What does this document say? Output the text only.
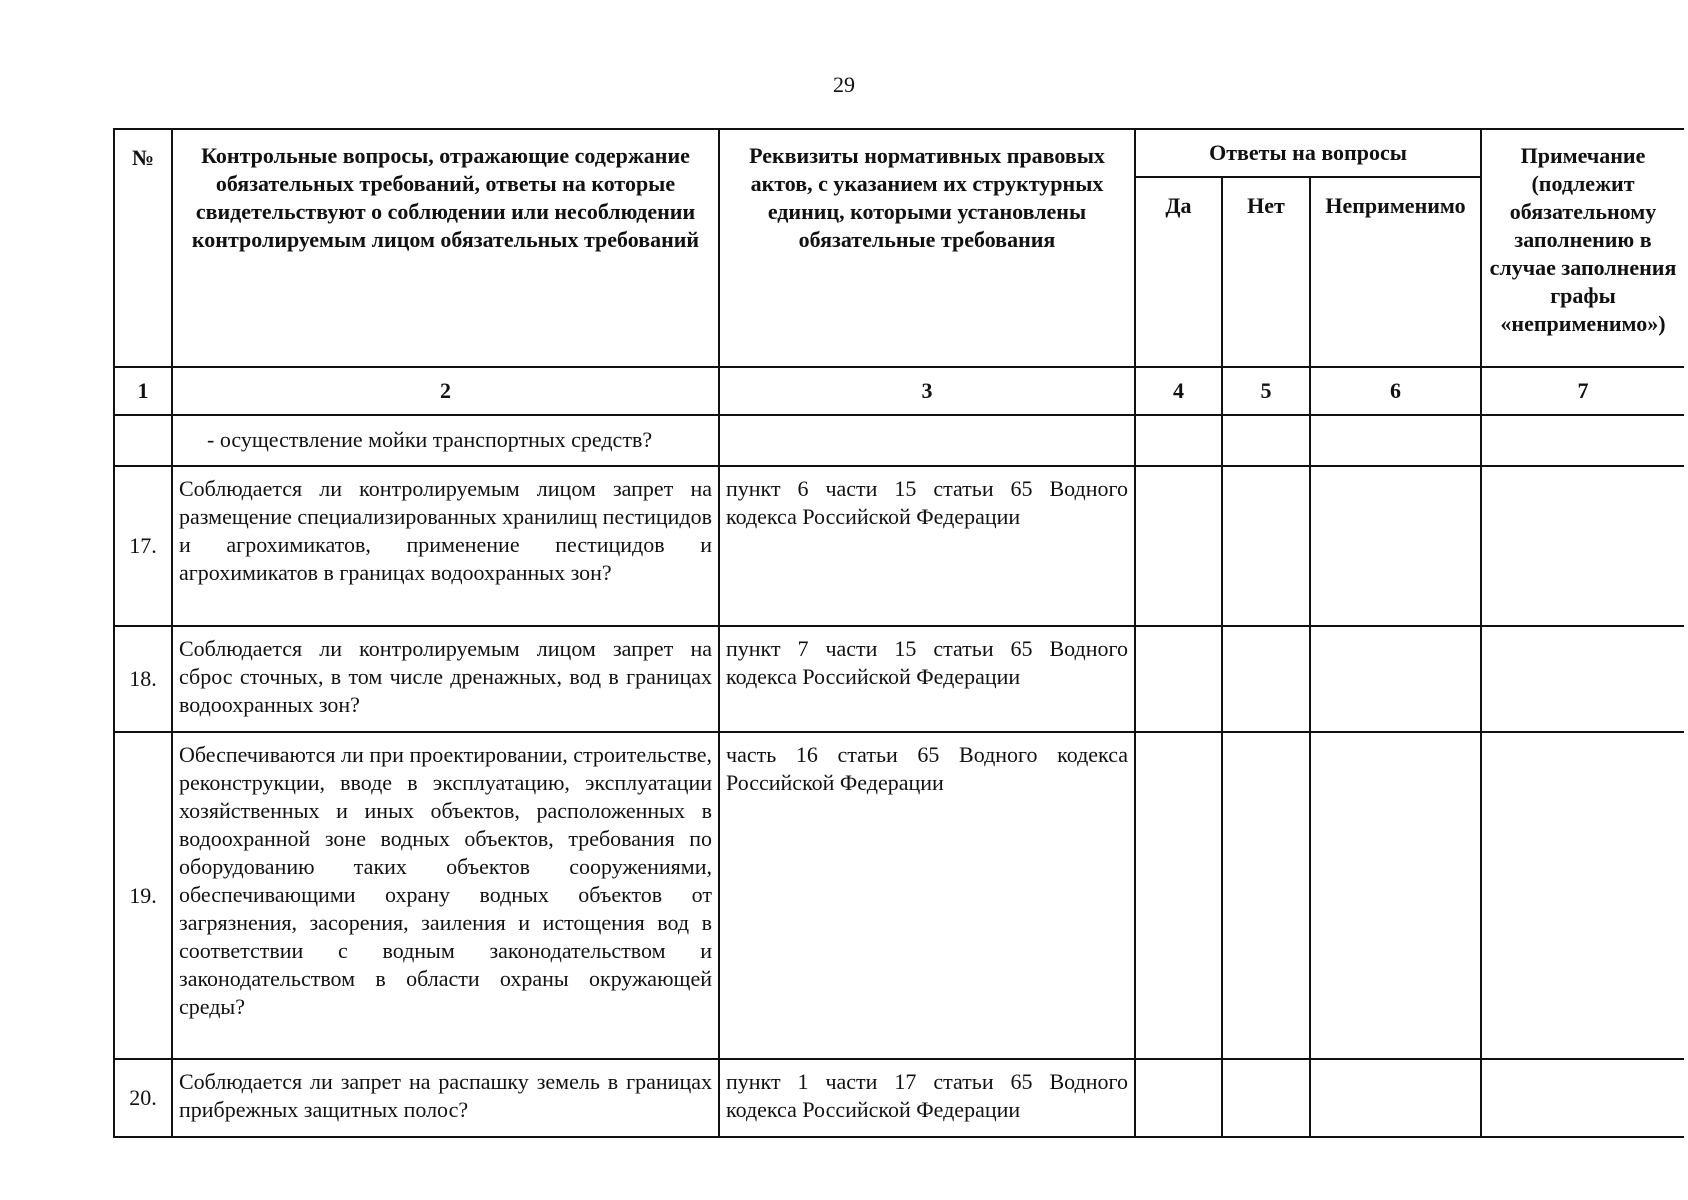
29
№	Контрольные вопросы, отражающие содержание обязательных требований, ответы на которые свидетельствуют о соблюдении или несоблюдении контролируемым лицом обязательных требований	Реквизиты нормативных правовых актов, с указанием их структурных единиц, которыми установлены обязательные требования	Ответы на вопросы			Примечание (подлежит обязательному заполнению в случае заполнения графы «неприменимо»)
			Да	Нет	Неприменимо	
1	2	3	4	5	6	7
	- осуществление мойки транспортных средств?					
17.	Соблюдается ли контролируемым лицом запрет на размещение специализированных хранилищ пестицидов и агрохимикатов, применение пестицидов и агрохимикатов в границах водоохранных зон?	пункт 6 части 15 статьи 65 Водного кодекса Российской Федерации				
18.	Соблюдается ли контролируемым лицом запрет на сброс сточных, в том числе дренажных, вод в границах водоохранных зон?	пункт 7 части 15 статьи 65 Водного кодекса Российской Федерации				
19.	Обеспечиваются ли при проектировании, строительстве, реконструкции, вводе в эксплуатацию, эксплуатации хозяйственных и иных объектов, расположенных в водоохранной зоне водных объектов, требования по оборудованию таких объектов сооружениями, обеспечивающими охрану водных объектов от загрязнения, засорения, заиления и истощения вод в соответствии с водным законодательством и законодательством в области охраны окружающей среды?	часть 16 статьи 65 Водного кодекса Российской Федерации				
20.	Соблюдается ли запрет на распашку земель в границах прибрежных защитных полос?	пункт 1 части 17 статьи 65 Водного кодекса Российской Федерации				
